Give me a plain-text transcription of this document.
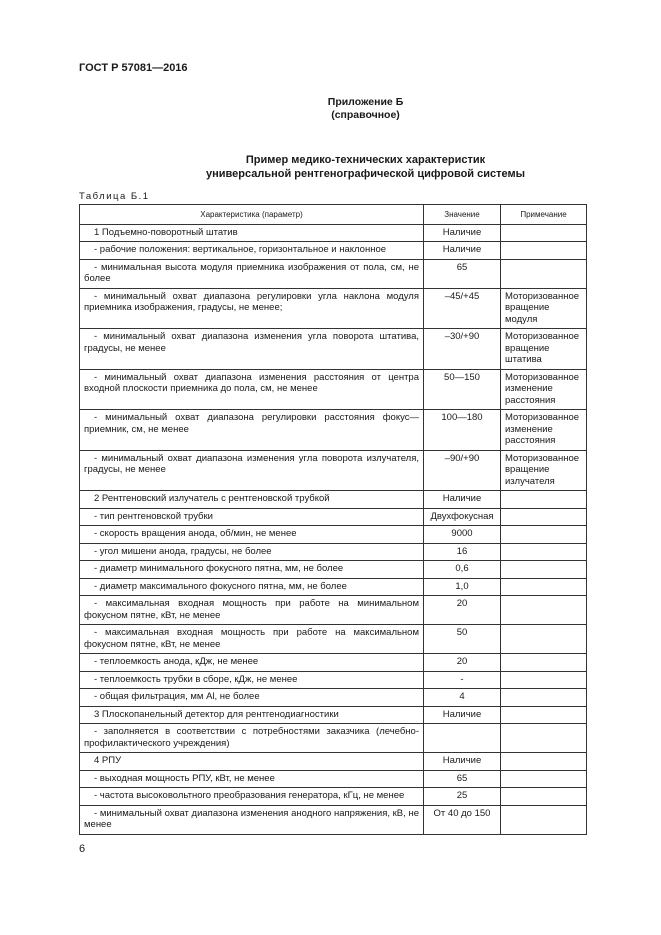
ГОСТ Р 57081—2016
Приложение Б
(справочное)
Пример медико-технических характеристик
универсальной рентгенографической цифровой системы
Таблица Б.1
Характеристика (параметр)	Значение	Примечание
1 Подъемно-поворотный штатив	Наличие	
- рабочие положения: вертикальное, горизонтальное и наклонное	Наличие	
- минимальная высота модуля приемника изображения от пола, см, не более	65	
- минимальный охват диапазона регулировки угла наклона модуля приемника изображения, градусы, не менее;	–45/+45	Моторизованное вращение модуля
- минимальный охват диапазона изменения угла поворота штатива, градусы, не менее	–30/+90	Моторизованное вращение штатива
- минимальный охват диапазона изменения расстояния от центра входной плоскости приемника до пола, см, не менее	50—150	Моторизованное изменение расстояния
- минимальный охват диапазона регулировки расстояния фокус—приемник, см, не менее	100—180	Моторизованное изменение расстояния
- минимальный охват диапазона изменения угла поворота излучателя, градусы, не менее	–90/+90	Моторизованное вращение излучателя
2 Рентгеновский излучатель с рентгеновской трубкой	Наличие	
- тип рентгеновской трубки	Двухфокусная	
- скорость вращения анода, об/мин, не менее	9000	
- угол мишени анода, градусы, не более	16	
- диаметр минимального фокусного пятна, мм, не более	0,6	
- диаметр максимального фокусного пятна, мм, не более	1,0	
- максимальная входная мощность при работе на минимальном фокусном пятне, кВт, не менее	20	
- максимальная входная мощность при работе на максимальном фокусном пятне, кВт, не менее	50	
- теплоемкость анода, кДж, не менее	20	
- теплоемкость трубки в сборе, кДж, не менее	-	
- общая фильтрация, мм Al, не более	4	
3 Плоскопанельный детектор для рентгенодиагностики	Наличие	
- заполняется в соответствии с потребностями заказчика (лечебно-профилактического учреждения)		
4 РПУ	Наличие	
- выходная мощность РПУ, кВт, не менее	65	
- частота высоковольтного преобразования генератора, кГц, не менее	25	
- минимальный охват диапазона изменения анодного напряжения, кВ, не менее	От 40 до 150	
6
